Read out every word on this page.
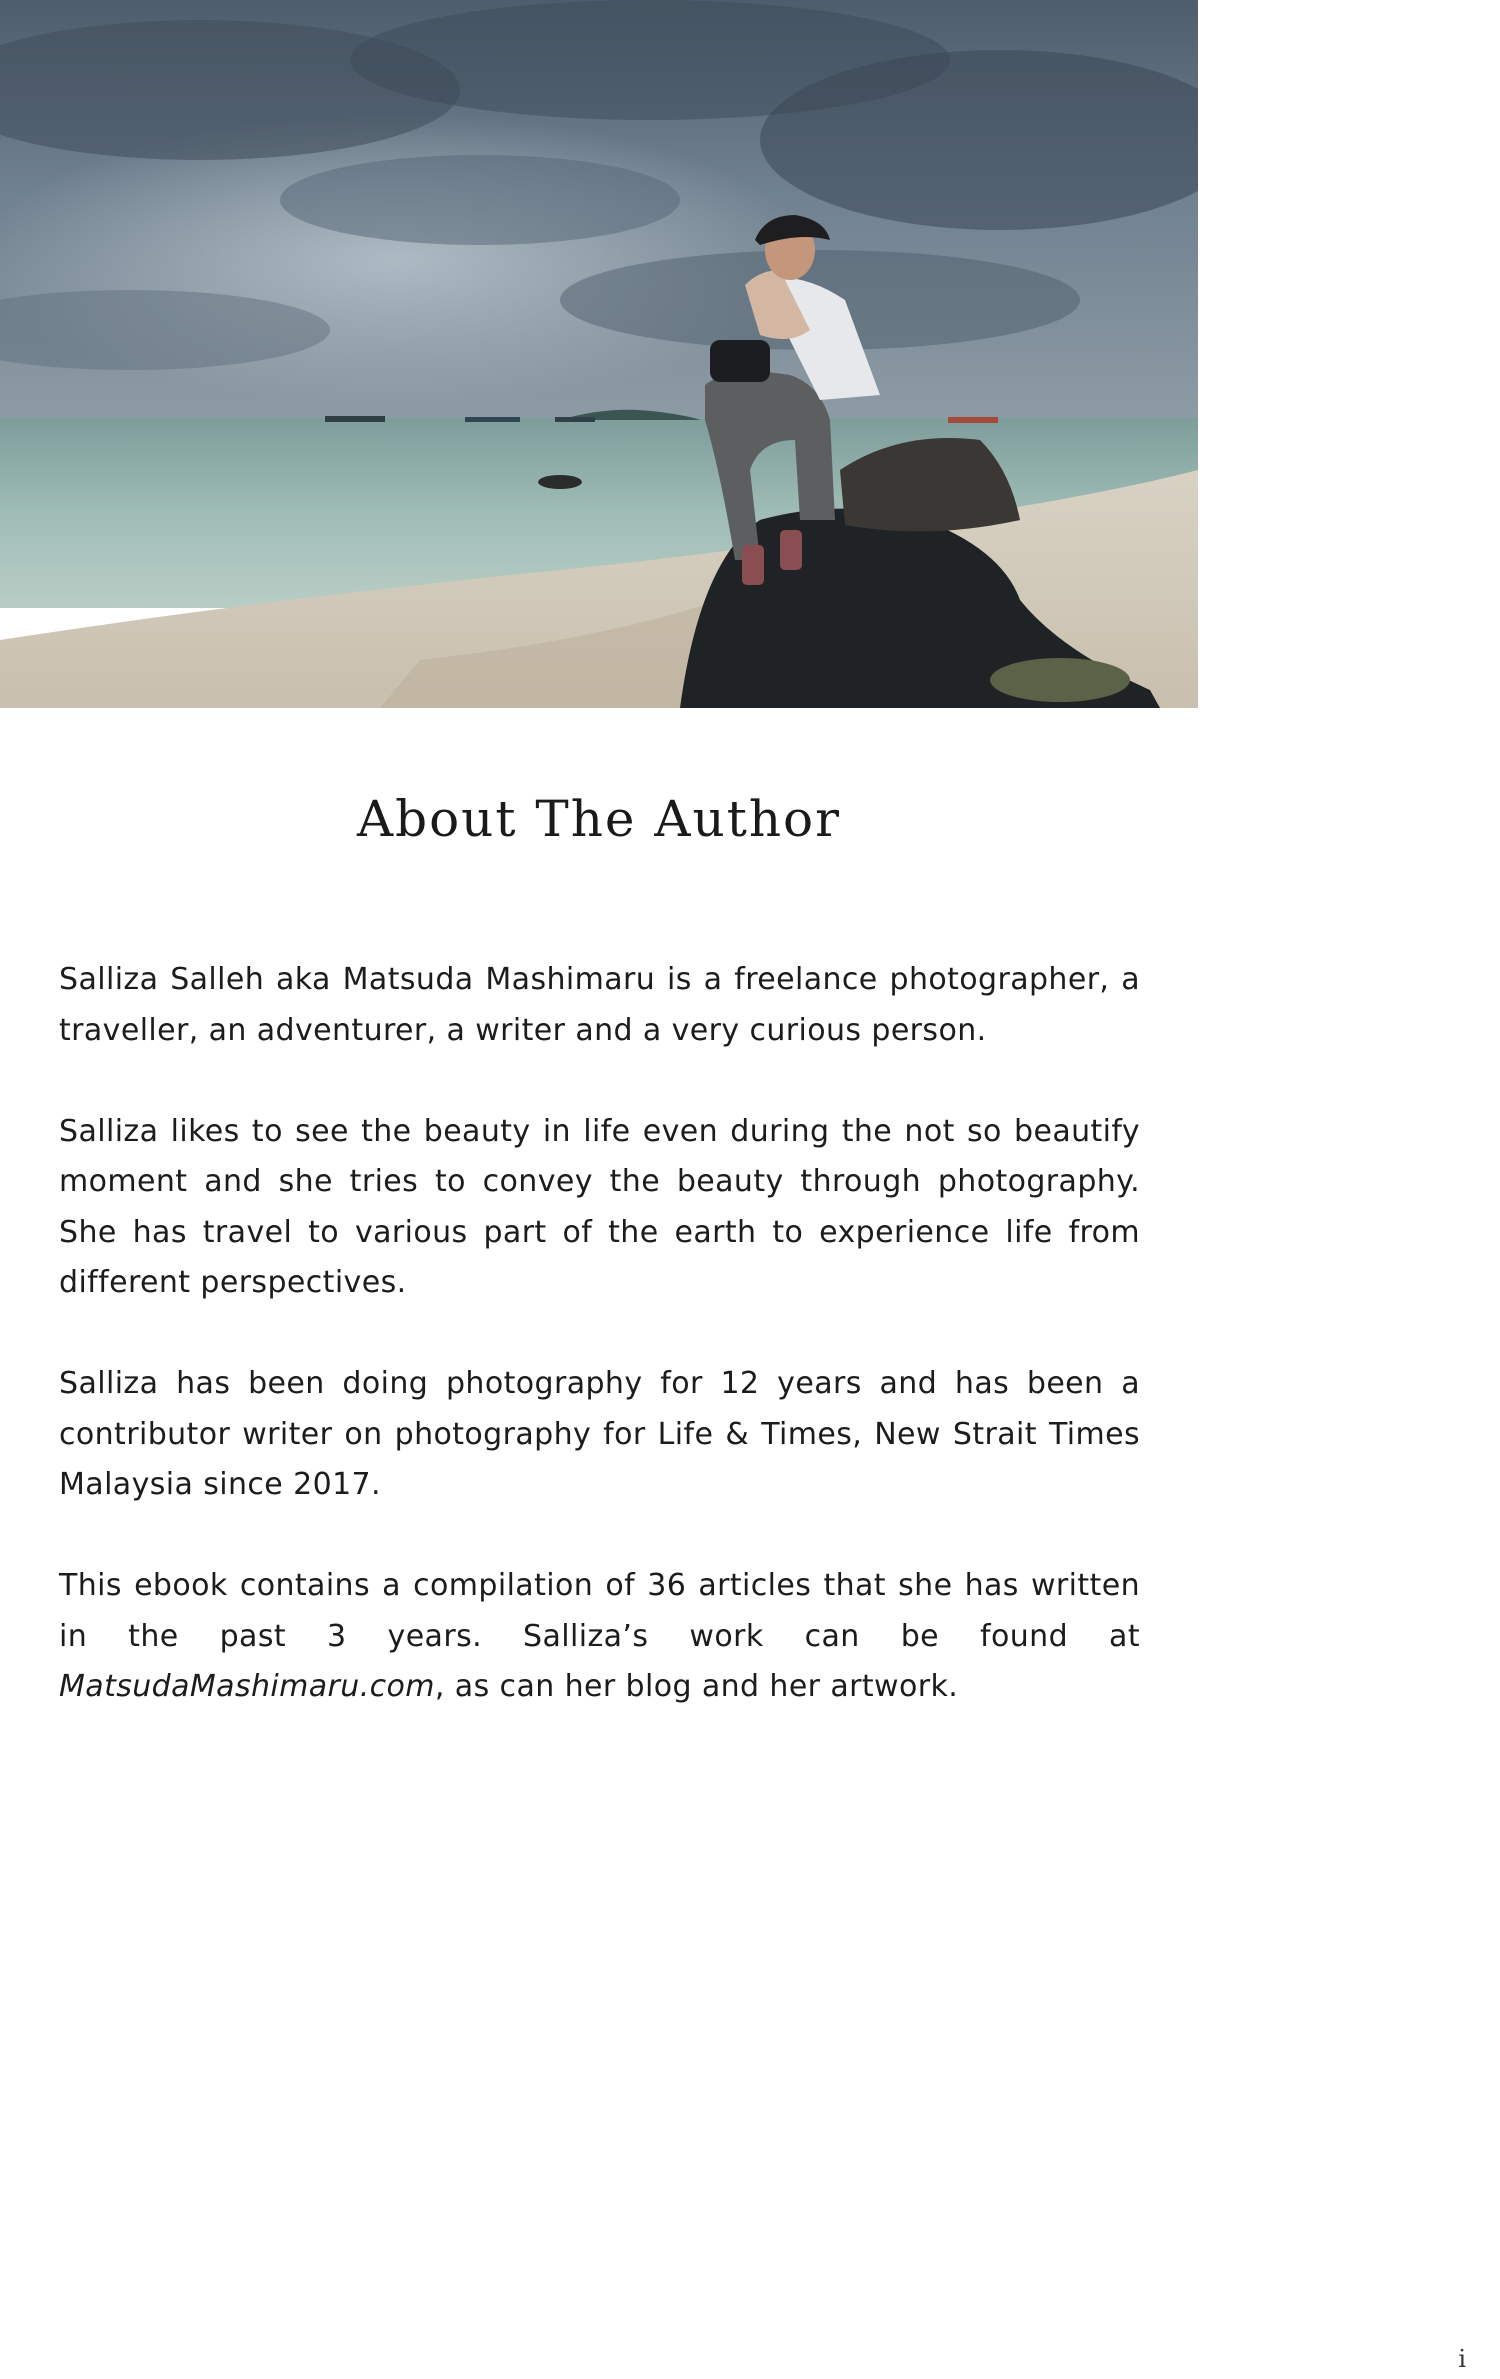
About The Author

Salliza Salleh aka Matsuda Mashimaru is a freelance photographer, a traveller, an adventurer, a writer and a very curious person.

Salliza likes to see the beauty in life even during the not so beautify moment and she tries to convey the beauty through photography. She has travel to various part of the earth to experience life from different perspectives.

Salliza has been doing photography for 12 years and has been a contributor writer on photography for Life & Times, New Strait Times Malaysia since 2017.

This ebook contains a compilation of 36 articles that she has written in the past 3 years. Salliza’s work can be found at MatsudaMashimaru.com, as can her blog and her artwork.

i
